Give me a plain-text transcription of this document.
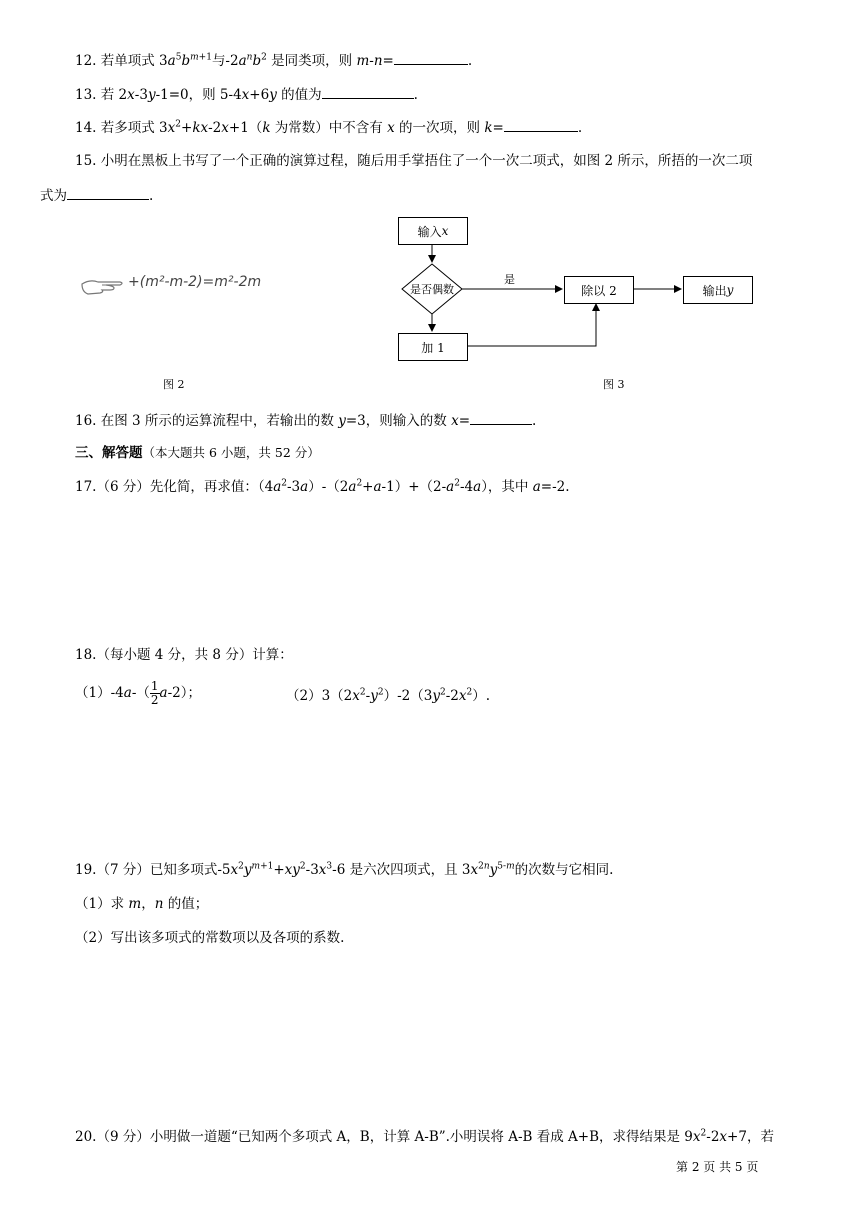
12. 若单项式 $3a^5b^{m+1}$与$-2a^nb^2$ 是同类项，则 m-n=	.
13. 若 2x-3y-1=0，则 5-4x+6y 的值为	.
14. 若多项式 $3x^2+kx-2x+1(k$ 为常数）中不含有 x 的一次项，则 k=	.
15. 小明在黑板上书写了一个正确的演算过程，随后用手掌捂住了一个一次二项式，如图 2 所示，所捂的一次二项
式为	.
+(m²-m-2)=m²-2m
图 2
输入 x
是否偶数
是
除以 2	输出 y
加 1
图 3
16. 在图 3 所示的运算流程中，若输出的数 y=3，则输入的数 x=	.
三、解答题（本大题共 6 小题，共 52 分）
17.（6 分）先化简，再求值：$(4a^2-3a)-(2a^2+a-1)+(2-a^2-4a)$，其中 a=-2.
18.（每小题 4 分，共 8 分）计算：
$(1)-4a-( \frac{1}{2} a-2)$；	$(2)3(2x^2-y^2)-2(3y^2-2x^2)$.
19.（7 分）已知多项式$-5x^2y^{m+1}+xy^2-3x^3-6$ 是六次四项式，且 $3x^{2n}y^{5-m}$的次数与它相同.
（1）求 m，n 的值；
（2）写出该多项式的常数项以及各项的系数.
20.（9 分）小明做一道题“已知两个多项式 A，B，计算 A-B”.小明误将 A-B 看成 A+B，求得结果是 $9x^2-2x+7$，若
第 2 页 共 5 页
